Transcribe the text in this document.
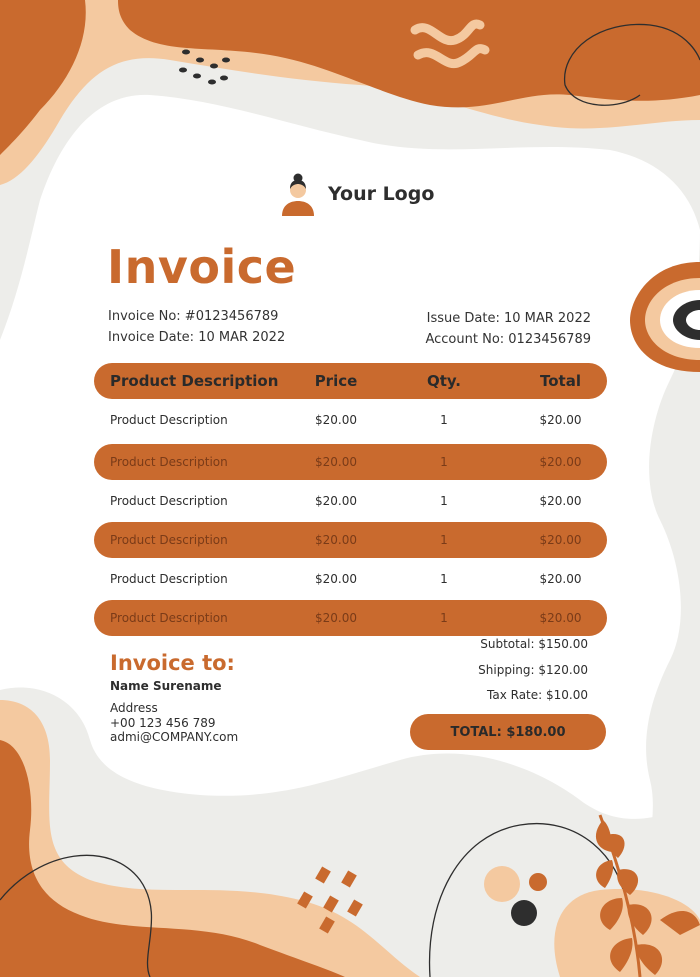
Your Logo
Invoice
Invoice No: #0123456789
Invoice Date: 10 MAR 2022
Issue Date: 10 MAR 2022
Account No: 0123456789
Product Description	Price	Qty.	Total
Product Description	$20.00	1	$20.00
Product Description	$20.00	1	$20.00
Product Description	$20.00	1	$20.00
Product Description	$20.00	1	$20.00
Product Description	$20.00	1	$20.00
Product Description	$20.00	1	$20.00
Subtotal: $150.00
Shipping: $120.00
Tax Rate: $10.00
TOTAL: $180.00
Invoice to:
Name Surename
Address
+00 123 456 789
admi@COMPANY.com
